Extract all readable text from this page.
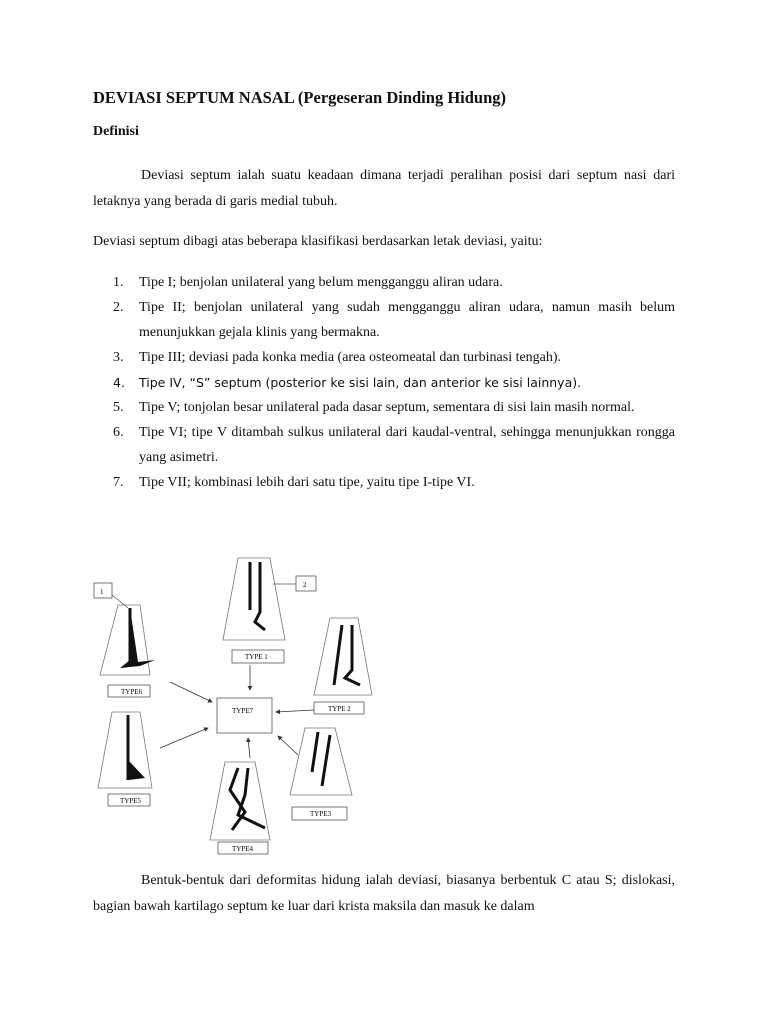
DEVIASI SEPTUM NASAL (Pergeseran Dinding Hidung)
Definisi
Deviasi septum ialah suatu keadaan dimana terjadi peralihan posisi dari septum nasi dari letaknya yang berada di garis medial tubuh.
Deviasi septum dibagi atas beberapa klasifikasi berdasarkan letak deviasi, yaitu:
1. Tipe I; benjolan unilateral yang belum mengganggu aliran udara.
2. Tipe II; benjolan unilateral yang sudah mengganggu aliran udara, namun masih belum menunjukkan gejala klinis yang bermakna.
3. Tipe III; deviasi pada konka media (area osteomeatal dan turbinasi tengah).
4. Tipe IV, “S” septum (posterior ke sisi lain, dan anterior ke sisi lainnya).
5. Tipe V; tonjolan besar unilateral pada dasar septum, sementara di sisi lain masih normal.
6. Tipe VI; tipe V ditambah sulkus unilateral dari kaudal-ventral, sehingga menunjukkan rongga yang asimetri.
7. Tipe VII; kombinasi lebih dari satu tipe, yaitu tipe I-tipe VI.
1
TYPE6
2
TYPE 1
TYPE 2
TYPE7
TYPE5
TYPE3
TYPE4
Bentuk-bentuk dari deformitas hidung ialah deviasi, biasanya berbentuk C atau S; dislokasi, bagian bawah kartilago septum ke luar dari krista maksila dan masuk ke dalam
